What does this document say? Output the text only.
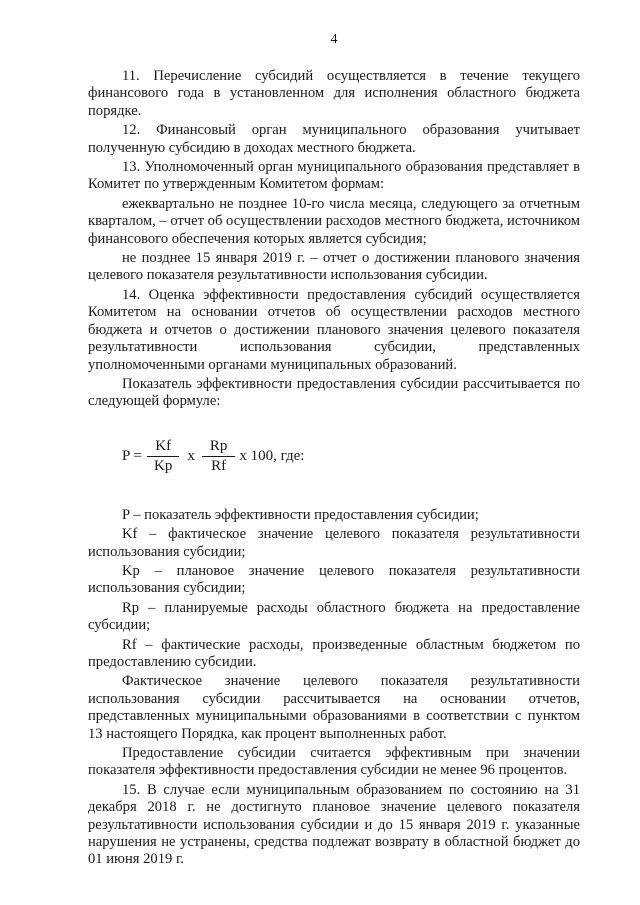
4

11. Перечисление субсидий осуществляется в течение текущего финансового года в установленном для исполнения областного бюджета порядке.

12. Финансовый орган муниципального образования учитывает полученную субсидию в доходах местного бюджета.

13. Уполномоченный орган муниципального образования представляет в Комитет по утвержденным Комитетом формам:

ежеквартально не позднее 10-го числа месяца, следующего за отчетным кварталом, – отчет об осуществлении расходов местного бюджета, источником финансового обеспечения которых является субсидия;

не позднее 15 января 2019 г. – отчет о достижении планового значения целевого показателя результативности использования субсидии.

14. Оценка эффективности предоставления субсидий осуществляется Комитетом на основании отчетов об осуществлении расходов местного бюджета и отчетов о достижении планового значения целевого показателя результативности использования субсидии, представленных уполномоченными органами муниципальных образований.

Показатель эффективности предоставления субсидии рассчитывается по следующей формуле:

$P = \frac{Kf}{Kp}$ x $\frac{Rp}{Rf}$ x 100, где:

P – показатель эффективности предоставления субсидии;

Kf – фактическое значение целевого показателя результативности использования субсидии;

Kp – плановое значение целевого показателя результативности использования субсидии;

Rp – планируемые расходы областного бюджета на предоставление субсидии;

Rf – фактические расходы, произведенные областным бюджетом по предоставлению субсидии.

Фактическое значение целевого показателя результативности использования субсидии рассчитывается на основании отчетов, представленных муниципальными образованиями в соответствии с пунктом 13 настоящего Порядка, как процент выполненных работ.

Предоставление субсидии считается эффективным при значении показателя эффективности предоставления субсидии не менее 96 процентов.

15. В случае если муниципальным образованием по состоянию на 31 декабря 2018 г. не достигнуто плановое значение целевого показателя результативности использования субсидии и до 15 января 2019 г. указанные нарушения не устранены, средства подлежат возврату в областной бюджет до 01 июня 2019 г.
